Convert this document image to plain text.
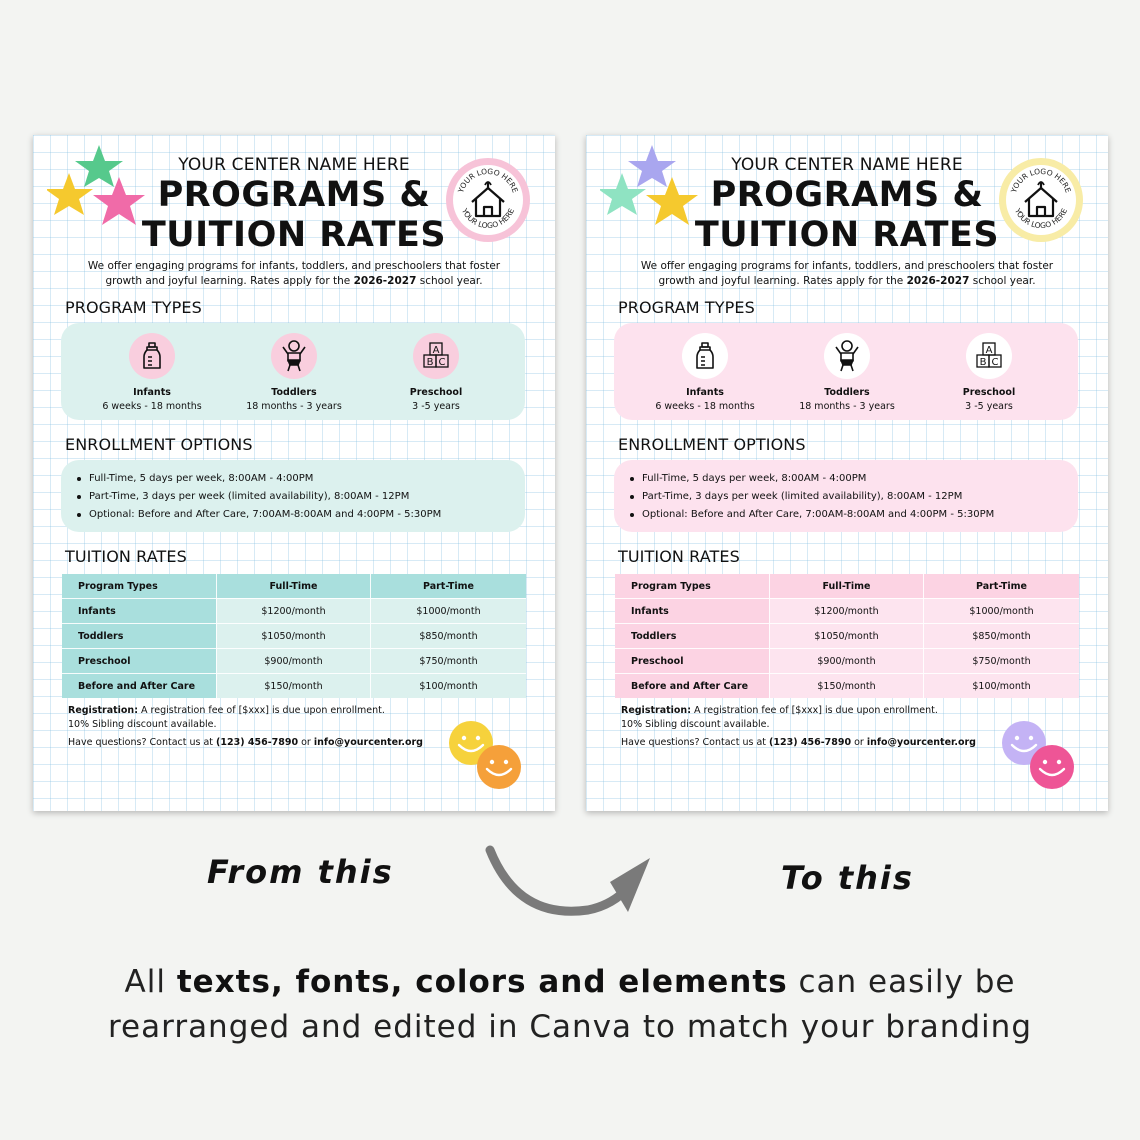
YOUR CENTER NAME HERE
PROGRAMS &
TUITION RATES
YOUR LOGO HERE
YOUR LOGO HERE
We offer engaging programs for infants, toddlers, and preschoolers that foster
growth and joyful learning. Rates apply for the 2026-2027 school year.
PROGRAM TYPES
Infants
6 weeks - 18 months
Toddlers
18 months - 3 years
A
B C
Preschool
3 -5 years
ENROLLMENT OPTIONS
Full-Time, 5 days per week, 8:00AM - 4:00PM
Part-Time, 3 days per week (limited availability), 8:00AM - 12PM
Optional: Before and After Care, 7:00AM-8:00AM and 4:00PM - 5:30PM
TUITION RATES
Program Types	Full-Time	Part-Time
Infants	$1200/month	$1000/month
Toddlers	$1050/month	$850/month
Preschool	$900/month	$750/month
Before and After Care	$150/month	$100/month
Registration: A registration fee of [$xxx] is due upon enrollment.
10% Sibling discount available.
Have questions? Contact us at (123) 456-7890 or info@yourcenter.org
YOUR CENTER NAME HERE
PROGRAMS &
TUITION RATES
YOUR LOGO HERE
YOUR LOGO HERE
We offer engaging programs for infants, toddlers, and preschoolers that foster
growth and joyful learning. Rates apply for the 2026-2027 school year.
PROGRAM TYPES
Infants
6 weeks - 18 months
Toddlers
18 months - 3 years
A
B C
Preschool
3 -5 years
ENROLLMENT OPTIONS
Full-Time, 5 days per week, 8:00AM - 4:00PM
Part-Time, 3 days per week (limited availability), 8:00AM - 12PM
Optional: Before and After Care, 7:00AM-8:00AM and 4:00PM - 5:30PM
TUITION RATES
Program Types	Full-Time	Part-Time
Infants	$1200/month	$1000/month
Toddlers	$1050/month	$850/month
Preschool	$900/month	$750/month
Before and After Care	$150/month	$100/month
Registration: A registration fee of [$xxx] is due upon enrollment.
10% Sibling discount available.
Have questions? Contact us at (123) 456-7890 or info@yourcenter.org
From this	To this
All texts, fonts, colors and elements can easily be
rearranged and edited in Canva to match your branding
